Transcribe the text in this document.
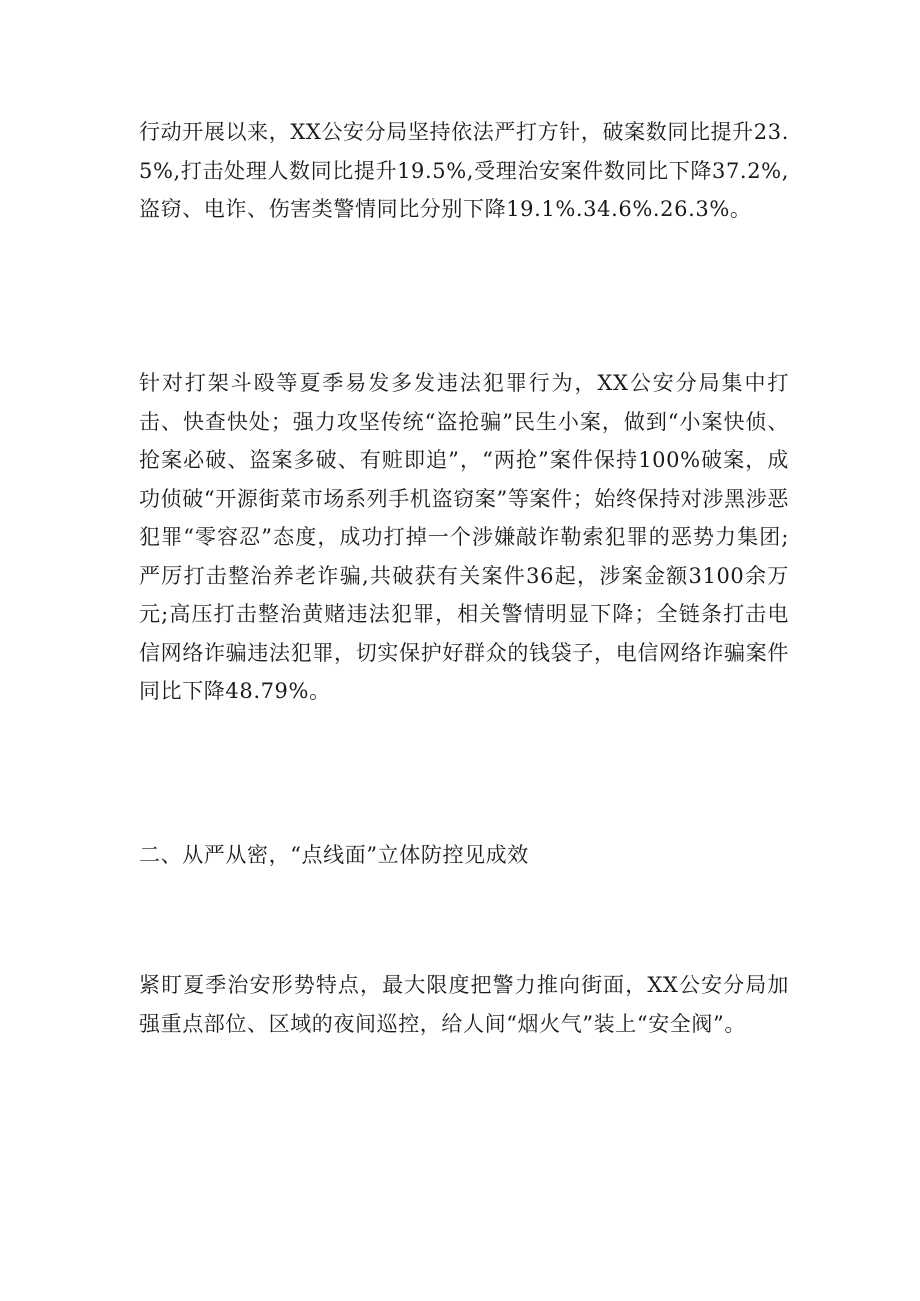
行动开展以来，XX公安分局坚持依法严打方针，破案数同比提升23.5%,打击处理人数同比提升19.5%,受理治安案件数同比下降37.2%,盗窃、电诈、伤害类警情同比分别下降19.1%.34.6%.26.3%。

针对打架斗殴等夏季易发多发违法犯罪行为，XX公安分局集中打击、快查快处；强力攻坚传统“盗抢骗”民生小案，做到“小案快侦、抢案必破、盗案多破、有赃即追”，“两抢”案件保持100%破案，成功侦破“开源街菜市场系列手机盗窃案”等案件；始终保持对涉黑涉恶犯罪“零容忍”态度，成功打掉一个涉嫌敲诈勒索犯罪的恶势力集团;严厉打击整治养老诈骗,共破获有关案件36起，涉案金额3100余万元;高压打击整治黄赌违法犯罪，相关警情明显下降；全链条打击电信网络诈骗违法犯罪，切实保护好群众的钱袋子，电信网络诈骗案件同比下降48.79%。

二、从严从密，“点线面”立体防控见成效

紧盯夏季治安形势特点，最大限度把警力推向街面，XX公安分局加强重点部位、区域的夜间巡控，给人间“烟火气”装上“安全阀”。
